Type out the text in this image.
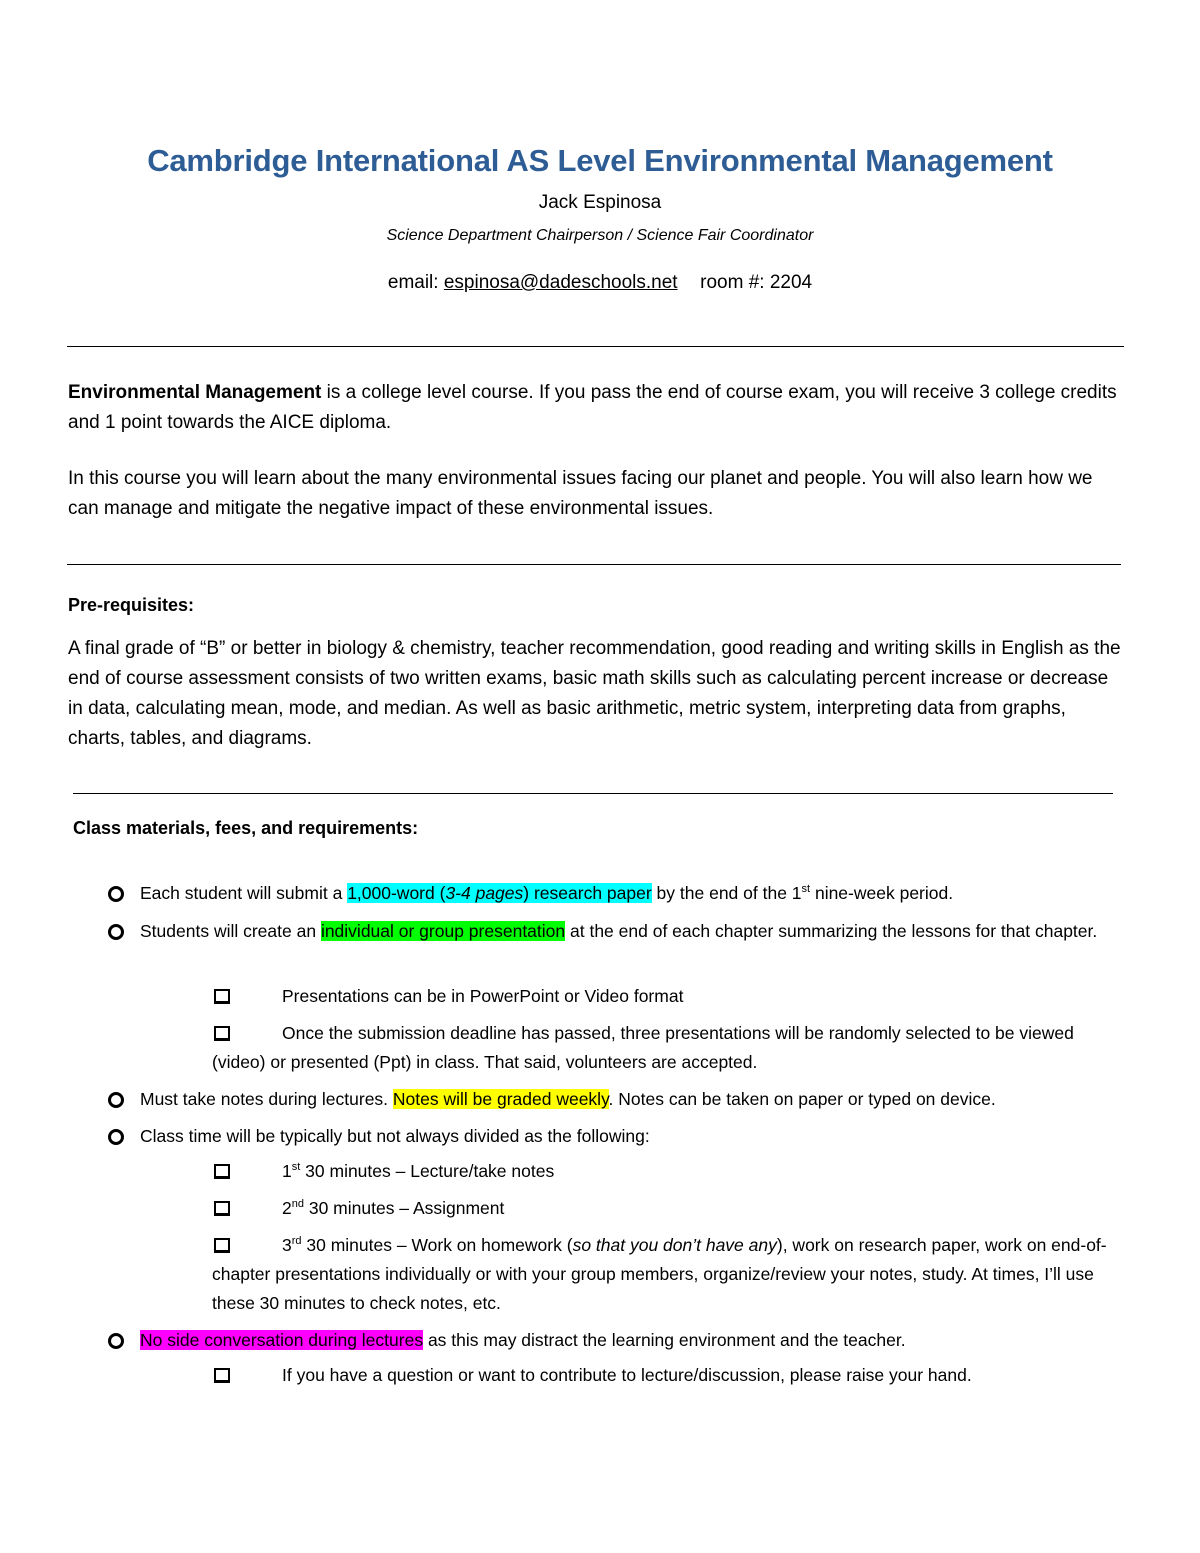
Cambridge International AS Level Environmental Management
Jack Espinosa
Science Department Chairperson / Science Fair Coordinator
email: espinosa@dadeschools.net room #: 2204
Environmental Management is a college level course. If you pass the end of course exam, you will receive 3 college credits and 1 point towards the AICE diploma.
In this course you will learn about the many environmental issues facing our planet and people. You will also learn how we can manage and mitigate the negative impact of these environmental issues.
Pre-requisites:
A final grade of “B” or better in biology & chemistry, teacher recommendation, good reading and writing skills in English as the end of course assessment consists of two written exams, basic math skills such as calculating percent increase or decrease in data, calculating mean, mode, and median. As well as basic arithmetic, metric system, interpreting data from graphs, charts, tables, and diagrams.
Class materials, fees, and requirements:
Each student will submit a 1,000-word (3-4 pages) research paper by the end of the 1st nine-week period.
Students will create an individual or group presentation at the end of each chapter summarizing the lessons for that chapter.
Presentations can be in PowerPoint or Video format
Once the submission deadline has passed, three presentations will be randomly selected to be viewed (video) or presented (Ppt) in class. That said, volunteers are accepted.
Must take notes during lectures. Notes will be graded weekly. Notes can be taken on paper or typed on device.
Class time will be typically but not always divided as the following:
1st 30 minutes – Lecture/take notes
2nd 30 minutes – Assignment
3rd 30 minutes – Work on homework (so that you don’t have any), work on research paper, work on end-of-chapter presentations individually or with your group members, organize/review your notes, study. At times, I’ll use these 30 minutes to check notes, etc.
No side conversation during lectures as this may distract the learning environment and the teacher.
If you have a question or want to contribute to lecture/discussion, please raise your hand.
